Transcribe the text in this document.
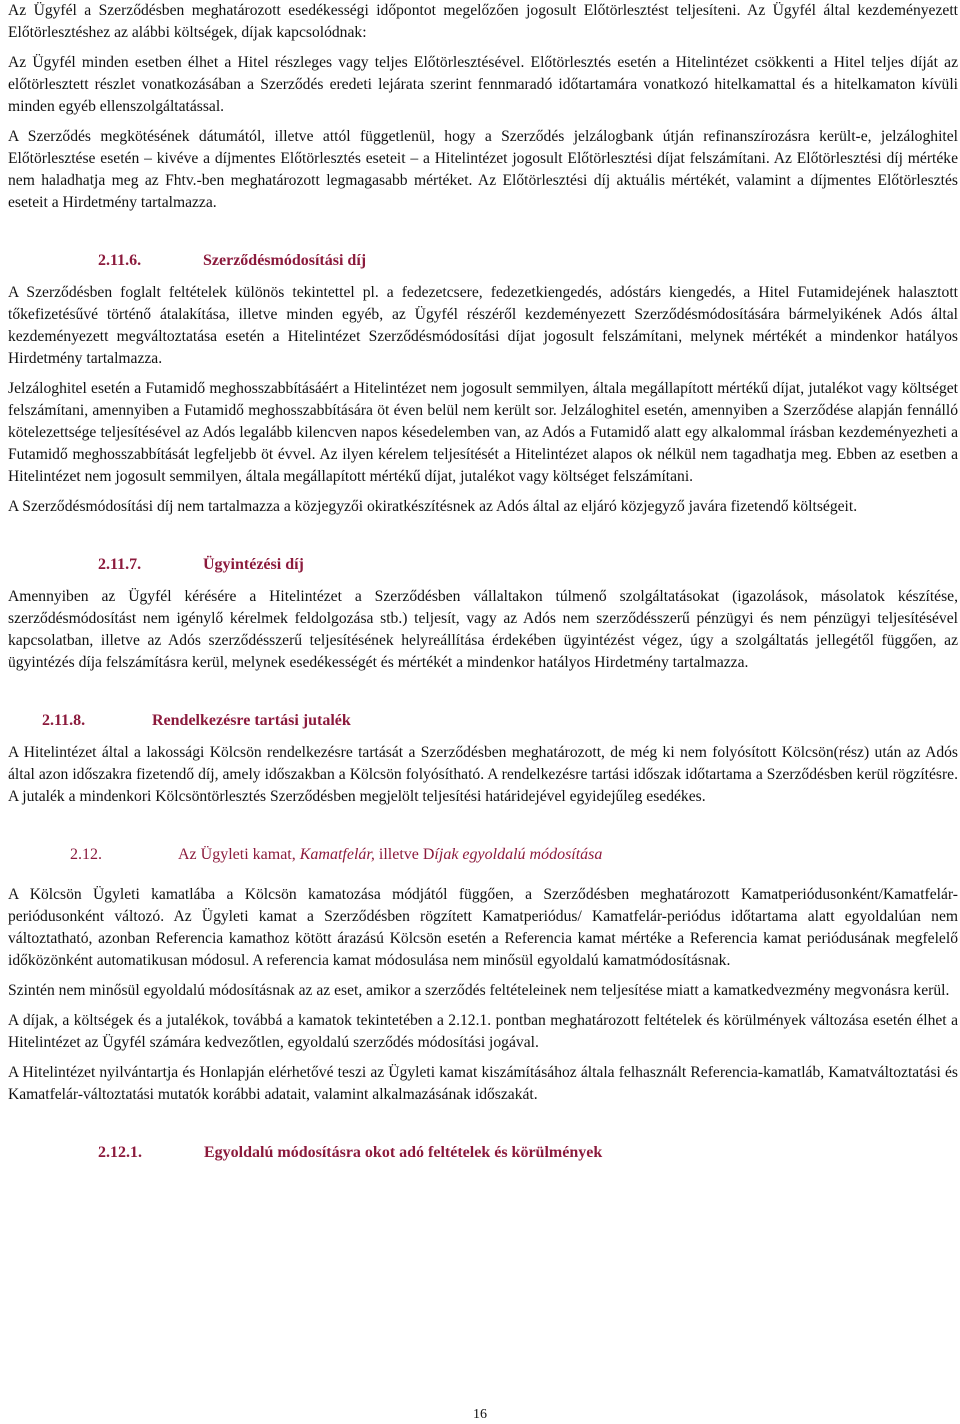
Az Ügyfél a Szerződésben meghatározott esedékességi időpontot megelőzően jogosult Előtörlesztést teljesíteni. Az Ügyfél által kezdeményezett Előtörlesztéshez az alábbi költségek, díjak kapcsolódnak:

Az Ügyfél minden esetben élhet a Hitel részleges vagy teljes Előtörlesztésével. Előtörlesztés esetén a Hitelintézet csökkenti a Hitel teljes díját az előtörlesztett részlet vonatkozásában a Szerződés eredeti lejárata szerint fennmaradó időtartamára vonatkozó hitelkamattal és a hitelkamaton kívüli minden egyéb ellenszolgáltatással.

A Szerződés megkötésének dátumától, illetve attól függetlenül, hogy a Szerződés jelzálogbank útján refinanszírozásra került-e, jelzáloghitel Előtörlesztése esetén – kivéve a díjmentes Előtörlesztés eseteit – a Hitelintézet jogosult Előtörlesztési díjat felszámítani. Az Előtörlesztési díj mértéke nem haladhatja meg az Fhtv.-ben meghatározott legmagasabb mértéket. Az Előtörlesztési díj aktuális mértékét, valamint a díjmentes Előtörlesztés eseteit a Hirdetmény tartalmazza.

2.11.6.	Szerződésmódosítási díj

A Szerződésben foglalt feltételek különös tekintettel pl. a fedezetcsere, fedezetkiengedés, adóstárs kiengedés, a Hitel Futamidejének halasztott tőkefizetésűvé történő átalakítása, illetve minden egyéb, az Ügyfél részéről kezdeményezett Szerződésmódosítására bármelyikének Adós által kezdeményezett megváltoztatása esetén a Hitelintézet Szerződésmódosítási díjat jogosult felszámítani, melynek mértékét a mindenkor hatályos Hirdetmény tartalmazza.

Jelzáloghitel esetén a Futamidő meghosszabbításáért a Hitelintézet nem jogosult semmilyen, általa megállapított mértékű díjat, jutalékot vagy költséget felszámítani, amennyiben a Futamidő meghosszabbítására öt éven belül nem került sor. Jelzáloghitel esetén, amennyiben a Szerződése alapján fennálló kötelezettsége teljesítésével az Adós legalább kilencven napos késedelemben van, az Adós a Futamidő alatt egy alkalommal írásban kezdeményezheti a Futamidő meghosszabbítását legfeljebb öt évvel. Az ilyen kérelem teljesítését a Hitelintézet alapos ok nélkül nem tagadhatja meg. Ebben az esetben a Hitelintézet nem jogosult semmilyen, általa megállapított mértékű díjat, jutalékot vagy költséget felszámítani.

A Szerződésmódosítási díj nem tartalmazza a közjegyzői okiratkészítésnek az Adós által az eljáró közjegyző javára fizetendő költségeit.

2.11.7.	Ügyintézési díj

Amennyiben az Ügyfél kérésére a Hitelintézet a Szerződésben vállaltakon túlmenő szolgáltatásokat (igazolások, másolatok készítése, szerződésmódosítást nem igénylő kérelmek feldolgozása stb.) teljesít, vagy az Adós nem szerződésszerű pénzügyi és nem pénzügyi teljesítésével kapcsolatban, illetve az Adós szerződésszerű teljesítésének helyreállítása érdekében ügyintézést végez, úgy a szolgáltatás jellegétől függően, az ügyintézés díja felszámításra kerül, melynek esedékességét és mértékét a mindenkor hatályos Hirdetmény tartalmazza.

2.11.8.	Rendelkezésre tartási jutalék

A Hitelintézet által a lakossági Kölcsön rendelkezésre tartását a Szerződésben meghatározott, de még ki nem folyósított Kölcsön(rész) után az Adós által azon időszakra fizetendő díj, amely időszakban a Kölcsön folyósítható. A rendelkezésre tartási időszak időtartama a Szerződésben kerül rögzítésre. A jutalék a mindenkori Kölcsöntörlesztés Szerződésben megjelölt teljesítési határidejével egyidejűleg esedékes.

2.12.	Az Ügyleti kamat, Kamatfelár, illetve Díjak egyoldalú módosítása

A Kölcsön Ügyleti kamatlába a Kölcsön kamatozása módjától függően, a Szerződésben meghatározott Kamatperiódusonként/Kamatfelár-periódusonként változó. Az Ügyleti kamat a Szerződésben rögzített Kamatperiódus/ Kamatfelár-periódus időtartama alatt egyoldalúan nem változtatható, azonban Referencia kamathoz kötött árazású Kölcsön esetén a Referencia kamat mértéke a Referencia kamat periódusának megfelelő időközönként automatikusan módosul. A referencia kamat módosulása nem minősül egyoldalú kamatmódosításnak.

Szintén nem minősül egyoldalú módosításnak az az eset, amikor a szerződés feltételeinek nem teljesítése miatt a kamatkedvezmény megvonásra kerül.

A díjak, a költségek és a jutalékok, továbbá a kamatok tekintetében a 2.12.1. pontban meghatározott feltételek és körülmények változása esetén élhet a Hitelintézet az Ügyfél számára kedvezőtlen, egyoldalú szerződés módosítási jogával.

A Hitelintézet nyilvántartja és Honlapján elérhetővé teszi az Ügyleti kamat kiszámításához általa felhasznált Referencia-kamatláb, Kamatváltoztatási és Kamatfelár-változtatási mutatók korábbi adatait, valamint alkalmazásának időszakát.

2.12.1.	Egyoldalú módosításra okot adó feltételek és körülmények
16
